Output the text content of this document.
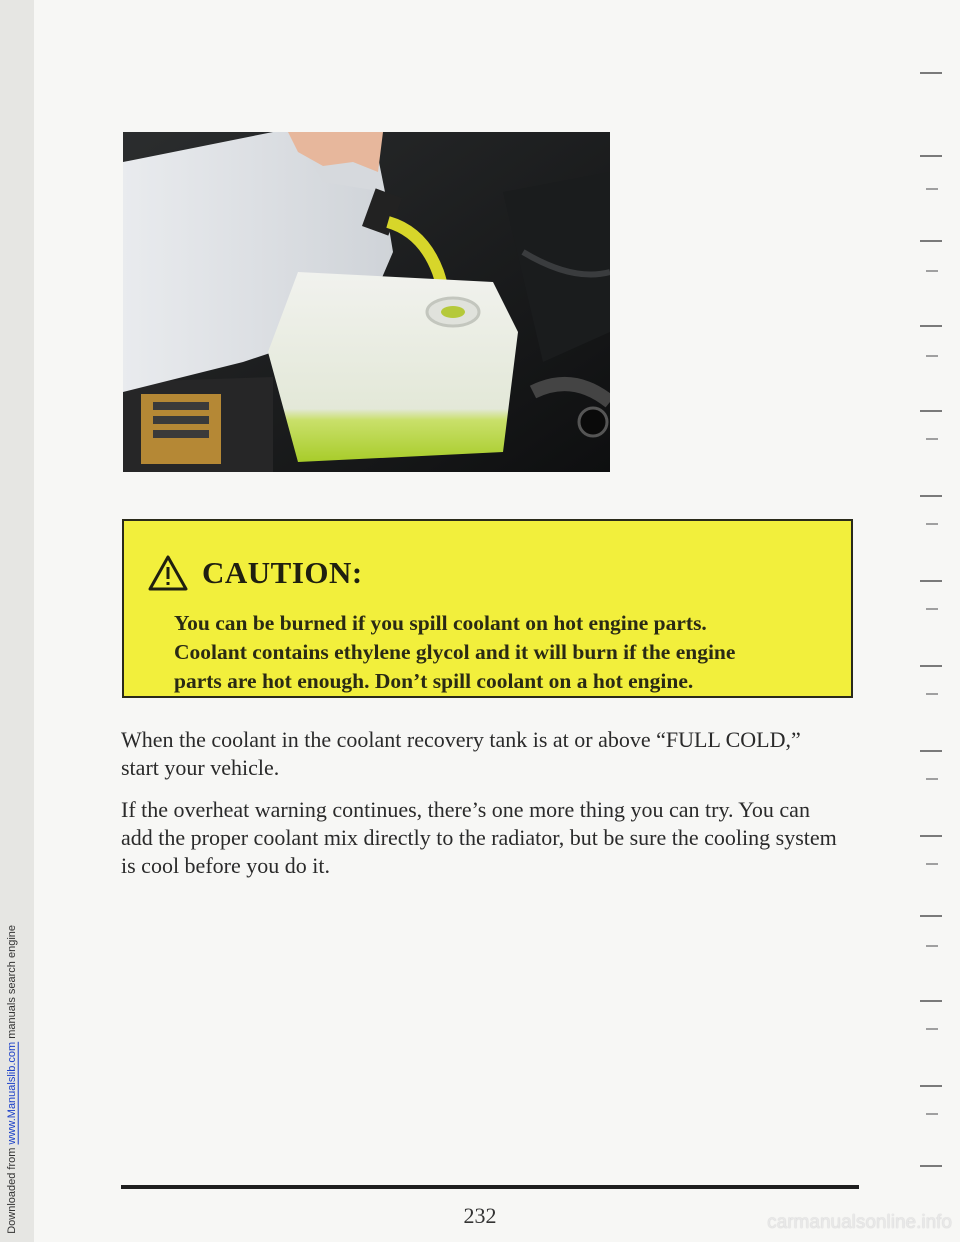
Downloaded from www.Manualslib.com manuals search engine
CAUTION:

You can be burned if you spill coolant on hot engine parts.

Coolant contains ethylene glycol and it will burn if the engine

parts are hot enough. Don’t spill coolant on a hot engine.

When the coolant in the coolant recovery tank is at or above “FULL COLD,” start your vehicle.

If the overheat warning continues, there’s one more thing you can try. You can add the proper coolant mix directly to the radiator, but be sure the cooling system is cool before you do it.

232	carmanualsonline.info
